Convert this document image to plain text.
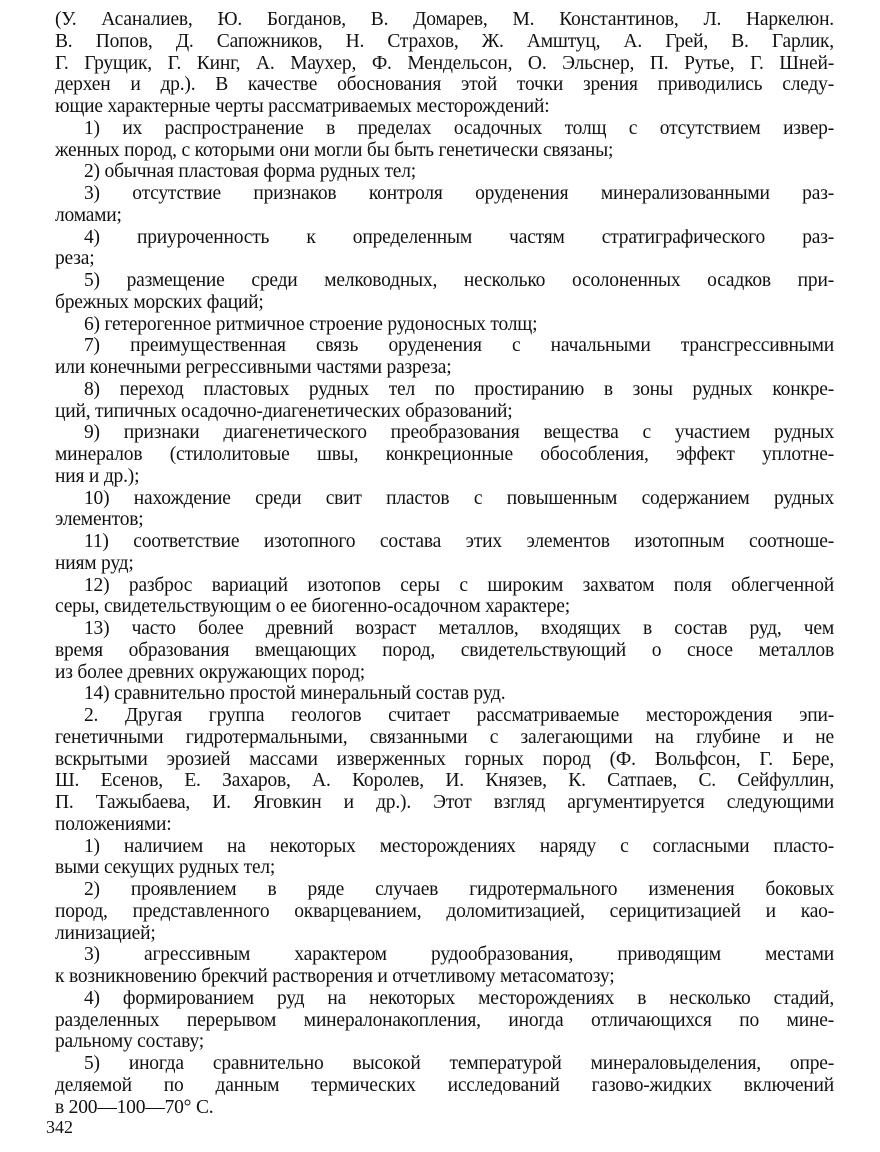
(У. Асаналиев, Ю. Богданов, В. Домарев, М. Константинов, Л. Наркелюн.
В. Попов, Д. Сапожников, Н. Страхов, Ж. Амштуц, А. Грей, В. Гарлик,
Г. Грущик, Г. Кинг, А. Маухер, Ф. Мендельсон, О. Эльснер, П. Рутье, Г. Шней-
дерхен и др.). В качестве обоснования этой точки зрения приводились следу-
ющие характерные черты рассматриваемых месторождений:
1) их распространение в пределах осадочных толщ с отсутствием извер-
женных пород, с которыми они могли бы быть генетически связаны;
2) обычная пластовая форма рудных тел;
3) отсутствие признаков контроля оруденения минерализованными раз-
ломами;
4) приуроченность к определенным частям стратиграфического раз-
реза;
5) размещение среди мелководных, несколько осолоненных осадков при-
брежных морских фаций;
6) гетерогенное ритмичное строение рудоносных толщ;
7) преимущественная связь оруденения с начальными трансгрессивными
или конечными регрессивными частями разреза;
8) переход пластовых рудных тел по простиранию в зоны рудных конкре-
ций, типичных осадочно-диагенетических образований;
9) признаки диагенетического преобразования вещества с участием рудных
минералов (стилолитовые швы, конкреционные обособления, эффект уплотне-
ния и др.);
10) нахождение среди свит пластов с повышенным содержанием рудных
элементов;
11) соответствие изотопного состава этих элементов изотопным соотноше-
ниям руд;
12) разброс вариаций изотопов серы с широким захватом поля облегченной
серы, свидетельствующим о ее биогенно-осадочном характере;
13) часто более древний возраст металлов, входящих в состав руд, чем
время образования вмещающих пород, свидетельствующий о сносе металлов
из более древних окружающих пород;
14) сравнительно простой минеральный состав руд.
2. Другая группа геологов считает рассматриваемые месторождения эпи-
генетичными гидротермальными, связанными с залегающими на глубине и не
вскрытыми эрозией массами изверженных горных пород (Ф. Вольфсон, Г. Бере,
Ш. Есенов, Е. Захаров, А. Королев, И. Князев, К. Сатпаев, С. Сейфуллин,
П. Тажыбаева, И. Яговкин и др.). Этот взгляд аргументируется следующими
положениями:
1) наличием на некоторых месторождениях наряду с согласными пласто-
выми секущих рудных тел;
2) проявлением в ряде случаев гидротермального изменения боковых
пород, представленного окварцеванием, доломитизацией, серицитизацией и као-
линизацией;
3) агрессивным характером рудообразования, приводящим местами
к возникновению брекчий растворения и отчетливому метасоматозу;
4) формированием руд на некоторых месторождениях в несколько стадий,
разделенных перерывом минералонакопления, иногда отличающихся по мине-
ральному составу;
5) иногда сравнительно высокой температурой минераловыделения, опре-
деляемой по данным термических исследований газово-жидких включений
в 200—100—70° С.
342
